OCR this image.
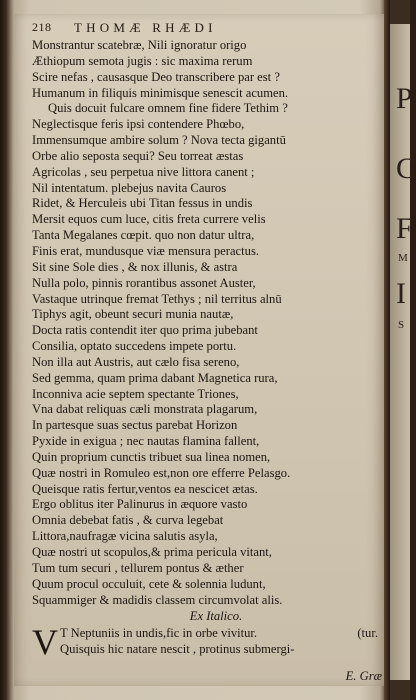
P
C
F
M
I
S
218 THOMÆ RHÆDI
Monstrantur scatebræ, Nili ignoratur origo
Æthiopum semota jugis : sic maxima rerum
Scire nefas , causasque Deo transcribere par est ?
Humanum in filiquis minimisque senescit acumen.
Quis docuit fulcare omnem fine fidere Tethim ?
Neglectisque feris ipsi contendere Phœbo,
Immensumque ambire solum ? Nova tecta gigantū
Orbe alio seposta sequi? Seu torreat æstas
Agricolas , seu perpetua nive littora canent ;
Nil intentatum. plebejus navita Cauros
Ridet, & Herculeis ubi Titan fessus in undis
Mersit equos cum luce, citis freta currere velis
Tanta Megalanes cœpit. quo non datur ultra,
Finis erat, mundusque viæ mensura peractus.
Sit sine Sole dies , & nox illunis, & astra
Nulla polo, pinnis rorantibus assonet Auster,
Vastaque utrinque fremat Tethys ; nil territus alnū
Tiphys agit, obeunt securi munia nautæ,
Docta ratis contendit iter quo prima jubebant
Consilia, optato succedens impete portu.
Non illa aut Austris, aut cælo fisa sereno,
Sed gemma, quam prima dabant Magnetica rura,
Inconniva acie septem spectante Triones,
Vna dabat reliquas cæli monstrata plagarum,
In partesque suas sectus parebat Horizon
Pyxide in exigua ; nec nautas flamina fallent,
Quin proprium cunctis tribuet sua linea nomen,
Quæ nostri in Romuleo est,non ore efferre Pelasgo.
Queisque ratis fertur,ventos ea nescicet ætas.
Ergo oblitus iter Palinurus in æquore vasto
Omnia debebat fatis , & curva legebat
Littora,naufragæ vicina salutis asyla,
Quæ nostri ut scopulos,& prima pericula vitant,
Tum tum securi , tellurem pontus & æther
Quum procul occuluit, cete & solennia ludunt,
Squammiger & madidis classem circumvolat alis.
Ex Italico.
V T Neptuniis in undis,fic in orbe vivitur.	(tur.
Quisquis hic natare nescit , protinus submergi-
E. Græ
